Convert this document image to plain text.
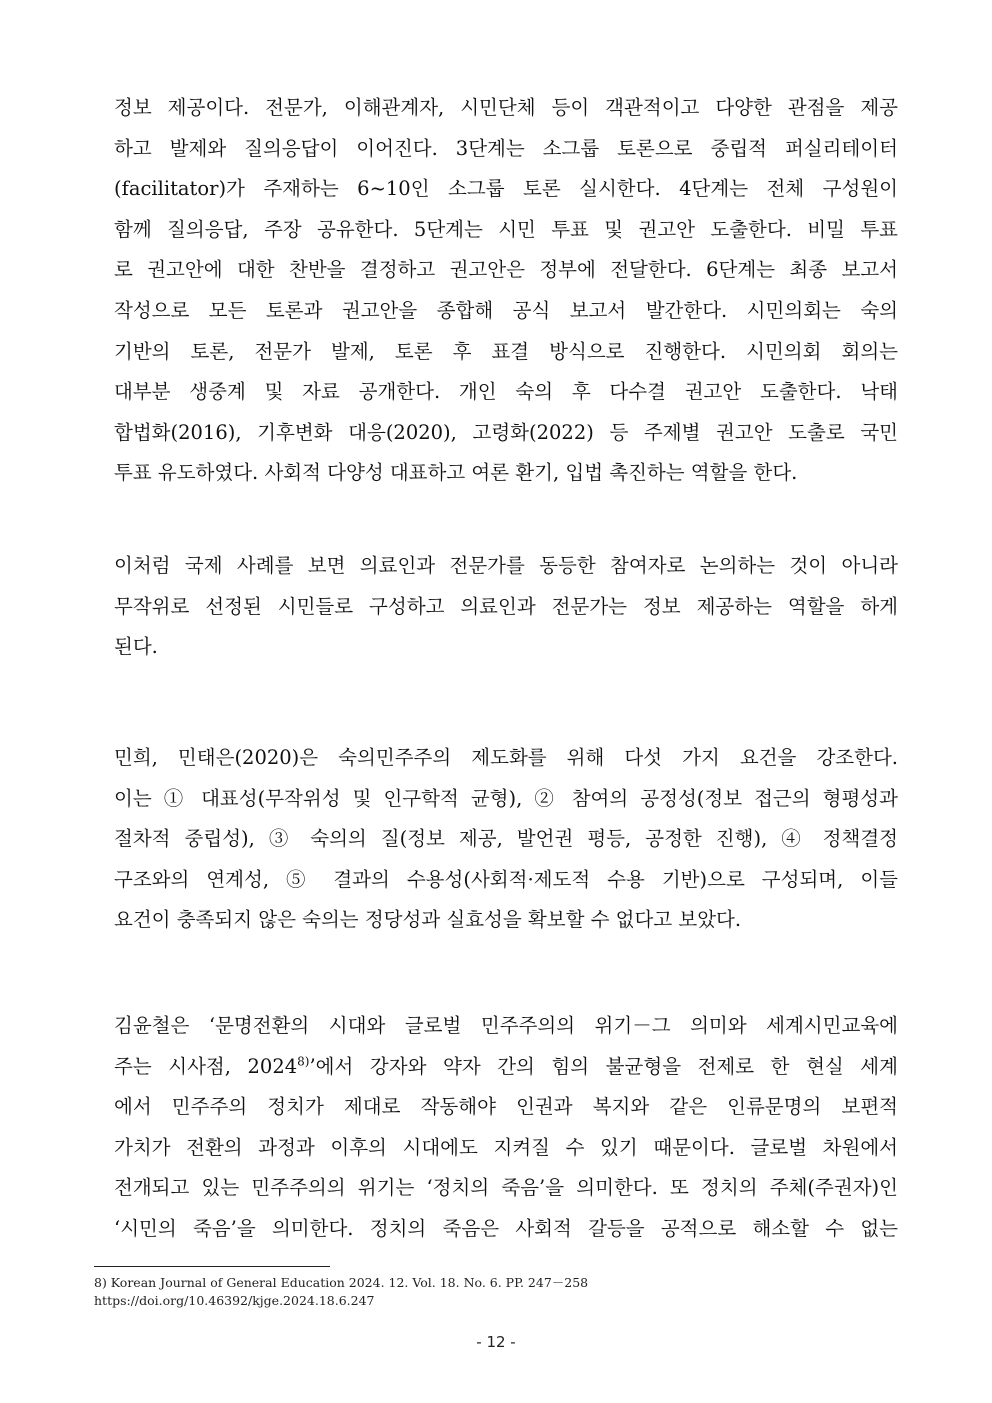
정보 제공이다. 전문가, 이해관계자, 시민단체 등이 객관적이고 다양한 관점을 제공
하고 발제와 질의응답이 이어진다. 3단계는 소그룹 토론으로 중립적 퍼실리테이터
(facilitator)가 주재하는 6~10인 소그룹 토론 실시한다. 4단계는 전체 구성원이
함께 질의응답, 주장 공유한다. 5단계는 시민 투표 및 권고안 도출한다. 비밀 투표
로 권고안에 대한 찬반을 결정하고 권고안은 정부에 전달한다. 6단계는 최종 보고서
작성으로 모든 토론과 권고안을 종합해 공식 보고서 발간한다. 시민의회는 숙의
기반의 토론, 전문가 발제, 토론 후 표결 방식으로 진행한다. 시민의회 회의는
대부분 생중계 및 자료 공개한다. 개인 숙의 후 다수결 권고안 도출한다. 낙태
합법화(2016), 기후변화 대응(2020), 고령화(2022) 등 주제별 권고안 도출로 국민
투표 유도하였다. 사회적 다양성 대표하고 여론 환기, 입법 촉진하는 역할을 한다.
이처럼 국제 사례를 보면 의료인과 전문가를 동등한 참여자로 논의하는 것이 아니라
무작위로 선정된 시민들로 구성하고 의료인과 전문가는 정보 제공하는 역할을 하게
된다.
민희, 민태은(2020)은 숙의민주주의 제도화를 위해 다섯 가지 요건을 강조한다.
이는 ① 대표성(무작위성 및 인구학적 균형), ② 참여의 공정성(정보 접근의 형평성과
절차적 중립성), ③ 숙의의 질(정보 제공, 발언권 평등, 공정한 진행), ④ 정책결정
구조와의 연계성, ⑤ 결과의 수용성(사회적·제도적 수용 기반)으로 구성되며, 이들
요건이 충족되지 않은 숙의는 정당성과 실효성을 확보할 수 없다고 보았다.
김윤철은 ‘문명전환의 시대와 글로벌 민주주의의 위기－그 의미와 세계시민교육에
주는 시사점, 2024$^{8)}$’에서 강자와 약자 간의 힘의 불균형을 전제로 한 현실 세계
에서 민주주의 정치가 제대로 작동해야 인권과 복지와 같은 인류문명의 보편적
가치가 전환의 과정과 이후의 시대에도 지켜질 수 있기 때문이다. 글로벌 차원에서
전개되고 있는 민주주의의 위기는 ‘정치의 죽음’을 의미한다. 또 정치의 주체(주권자)인
‘시민의 죽음’을 의미한다. 정치의 죽음은 사회적 갈등을 공적으로 해소할 수 없는
8) Korean Journal of General Education 2024. 12. Vol. 18. No. 6. PP. 247－258
https://doi.org/10.46392/kjge.2024.18.6.247
- 12 -
